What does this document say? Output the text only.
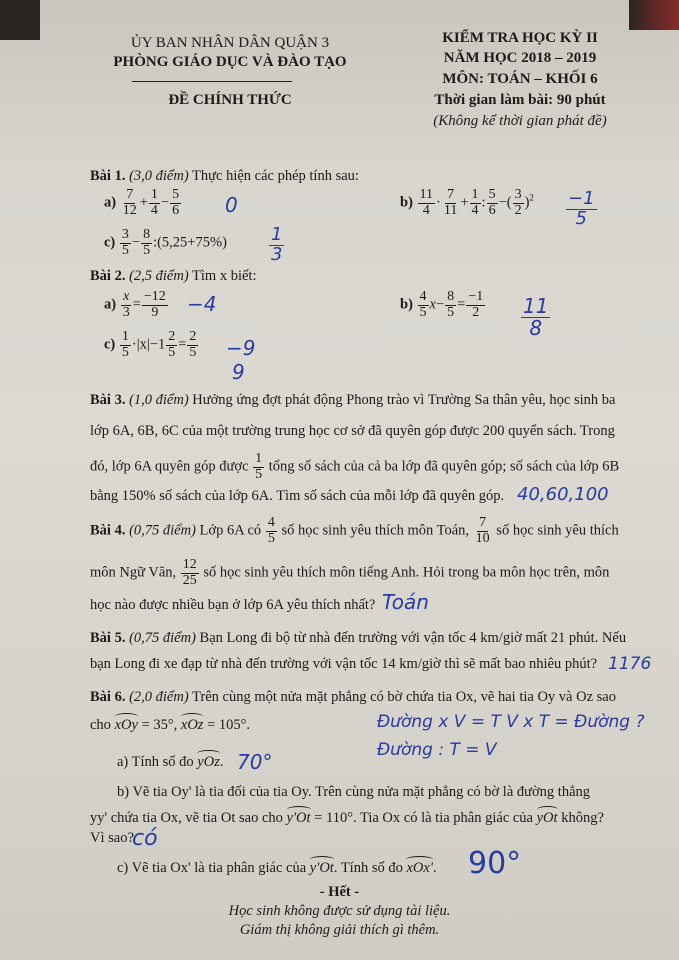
ỦY BAN NHÂN DÂN QUẬN 3
PHÒNG GIÁO DỤC VÀ ĐÀO TẠO
ĐỀ CHÍNH THỨC
KIỂM TRA HỌC KỲ II
NĂM HỌC 2018 – 2019
MÔN: TOÁN – KHỐI 6
Thời gian làm bài: 90 phút
(Không kể thời gian phát đề)
Bài 1. (3,0 điểm) Thực hiện các phép tính sau:
$a) \frac{7}{12} + \frac{1}{4} - \frac{5}{6} 0$	$b) \frac{11}{4} \cdot \frac{7}{11} + \frac{1}{4}$ : $\frac{5}{6}$ −( $\frac{3}{2} )^2 \frac{-1}{5}$
$c) \frac{3}{5} - \frac{8}{5}$ :(5,25+75%) $\frac{1}{3}$
Bài 2. (2,5 điểm) Tìm x biết:
$a) \frac{x}{3} = \frac{-12}{9} -4$	$b) \frac{4}{5} x- \frac{8}{5} = \frac{-1}{2} \frac{11}{8}$
$c) \frac{1}{5} \cdot|x|-1 \frac{2}{5} = \frac{2}{5} -9$
9
Bài 3. (1,0 điểm) Hưởng ứng đợt phát động Phong trào vì Trường Sa thân yêu, học sinh ba
lớp 6A, 6B, 6C của một trường trung học cơ sở đã quyên góp được 200 quyển sách. Trong
đó, lớp 6A quyên góp được $\frac{1}{5}$ tổng số sách của cả ba lớp đã quyên góp; số sách của lớp 6B
bằng 150% số sách của lớp 6A. Tìm số sách của mỗi lớp đã quyên góp. 40,60,100
Bài 4. (0,75 điểm) Lớp 6A có $\frac{4}{5}$ số học sinh yêu thích môn Toán, $\frac{7}{10}$ số học sinh yêu thích
môn Ngữ Văn, $\frac{12}{25}$ số học sinh yêu thích môn tiếng Anh. Hỏi trong ba môn học trên, môn
học nào được nhiều bạn ở lớp 6A yêu thích nhất? Toán
Bài 5. (0,75 điểm) Bạn Long đi bộ từ nhà đến trường với vận tốc 4 km/giờ mất 21 phút. Nếu
bạn Long đi xe đạp từ nhà đến trường với vận tốc 14 km/giờ thì sẽ mất bao nhiêu phút? 1176
Bài 6. (2,0 điểm) Trên cùng một nửa mặt phẳng có bờ chứa tia Ox, vẽ hai tia Oy và Oz sao
cho xOy = 35°, xOz = 105°.	Đường x V = T V x T = Đường ?
Đường : T = V
a) Tính số đo yOz. 70°
b) Vẽ tia Oy' là tia đối của tia Oy. Trên cùng nửa mặt phẳng có bờ là đường thẳng
yy' chứa tia Ox, vẽ tia Ot sao cho y'Ot = 110°. Tia Ox có là tia phân giác của yOt không?
Vì sao?
có
c) Vẽ tia Ox' là tia phân giác của y'Ot. Tính số đo xOx'. 90°
- Hết -
Học sinh không được sử dụng tài liệu.
Giám thị không giải thích gì thêm.
